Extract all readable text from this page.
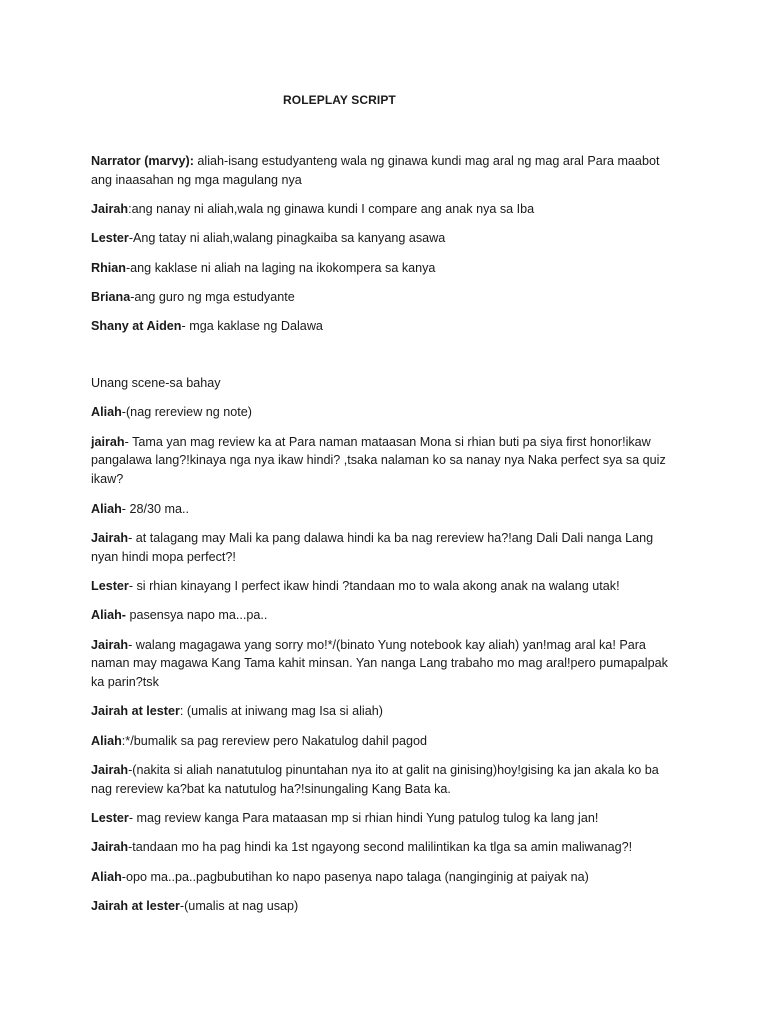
ROLEPLAY SCRIPT

Narrator (marvy): aliah-isang estudyanteng wala ng ginawa kundi mag aral ng mag aral Para maabot ang inaasahan ng mga magulang nya

Jairah:ang nanay ni aliah,wala ng ginawa kundi I compare ang anak nya sa Iba

Lester-Ang tatay ni aliah,walang pinagkaiba sa kanyang asawa

Rhian-ang kaklase ni aliah na laging na ikokompera sa kanya

Briana-ang guro ng mga estudyante

Shany at Aiden- mga kaklase ng Dalawa

Unang scene-sa bahay

Aliah-(nag rereview ng note)

jairah- Tama yan mag review ka at Para naman mataasan Mona si rhian buti pa siya first honor!ikaw pangalawa lang?!kinaya nga nya ikaw hindi? ,tsaka nalaman ko sa nanay nya Naka perfect sya sa quiz ikaw?

Aliah- 28/30 ma..

Jairah- at talagang may Mali ka pang dalawa hindi ka ba nag rereview ha?!ang Dali Dali nanga Lang nyan hindi mopa perfect?!

Lester- si rhian kinayang I perfect ikaw hindi ?tandaan mo to wala akong anak na walang utak!

Aliah- pasensya napo ma...pa..

Jairah- walang magagawa yang sorry mo!*/(binato Yung notebook kay aliah) yan!mag aral ka! Para naman may magawa Kang Tama kahit minsan. Yan nanga Lang trabaho mo mag aral!pero pumapalpak ka parin?tsk

Jairah at lester: (umalis at iniwang mag Isa si aliah)

Aliah:*/bumalik sa pag rereview pero Nakatulog dahil pagod

Jairah-(nakita si aliah nanatutulog pinuntahan nya ito at galit na ginising)hoy!gising ka jan akala ko ba nag rereview ka?bat ka natutulog ha?!sinungaling Kang Bata ka.

Lester- mag review kanga Para mataasan mp si rhian hindi Yung patulog tulog ka lang jan!

Jairah-tandaan mo ha pag hindi ka 1st ngayong second malilintikan ka tlga sa amin maliwanag?!

Aliah-opo ma..pa..pagbubutihan ko napo pasenya napo talaga (nanginginig at paiyak na)

Jairah at lester-(umalis at nag usap)
